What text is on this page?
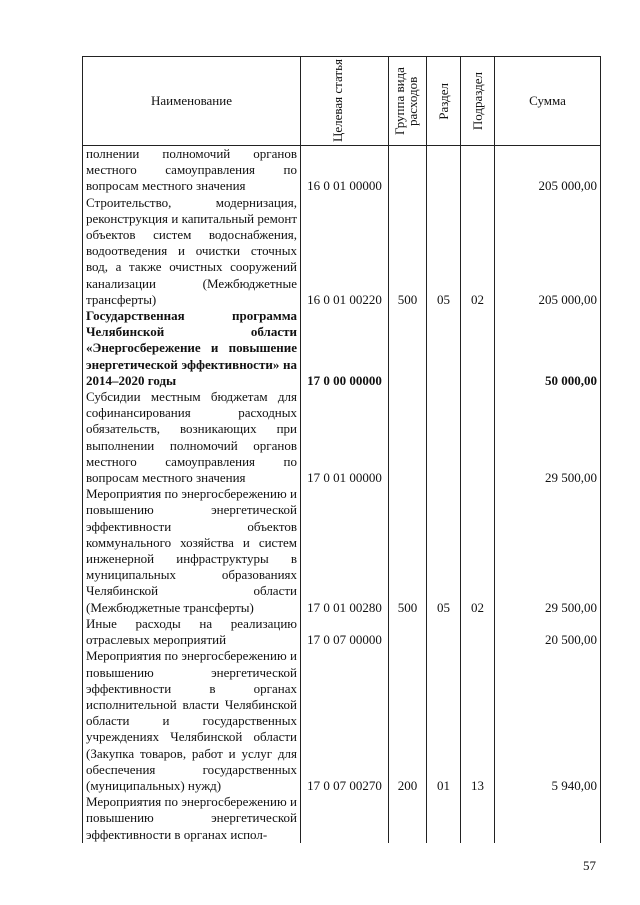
Наименование	Целевая статья	Группа вида расходов	Раздел	Подраздел	Сумма
полнении полномочий органов местного самоуправления по вопросам местного значения	16 0 01 00000				205 000,00
Строительство, модернизация, реконструкция и капитальный ремонт объектов систем водоснабжения, водоотведения и очистки сточных вод, а также очистных сооружений канализации (Межбюджетные трансферты)	16 0 01 00220	500	05	02	205 000,00
Государственная программа Челябинской области «Энергосбережение и повышение энергетической эффективности» на 2014–2020 годы	17 0 00 00000				50 000,00
Субсидии местным бюджетам для софинансирования расходных обязательств, возникающих при выполнении полномочий органов местного самоуправления по вопросам местного значения	17 0 01 00000				29 500,00
Мероприятия по энергосбережению и повышению энергетической эффективности объектов коммунального хозяйства и систем инженерной инфраструктуры в муниципальных образованиях Челябинской области (Межбюджетные трансферты)	17 0 01 00280	500	05	02	29 500,00
Иные расходы на реализацию отраслевых мероприятий	17 0 07 00000				20 500,00
Мероприятия по энергосбережению и повышению энергетической эффективности в органах исполнительной власти Челябинской области и государственных учреждениях Челябинской области (Закупка товаров, работ и услуг для обеспечения государственных (муниципальных) нужд)	17 0 07 00270	200	01	13	5 940,00
Мероприятия по энергосбережению и повышению энергетической эффективности в органах испол-					
57
